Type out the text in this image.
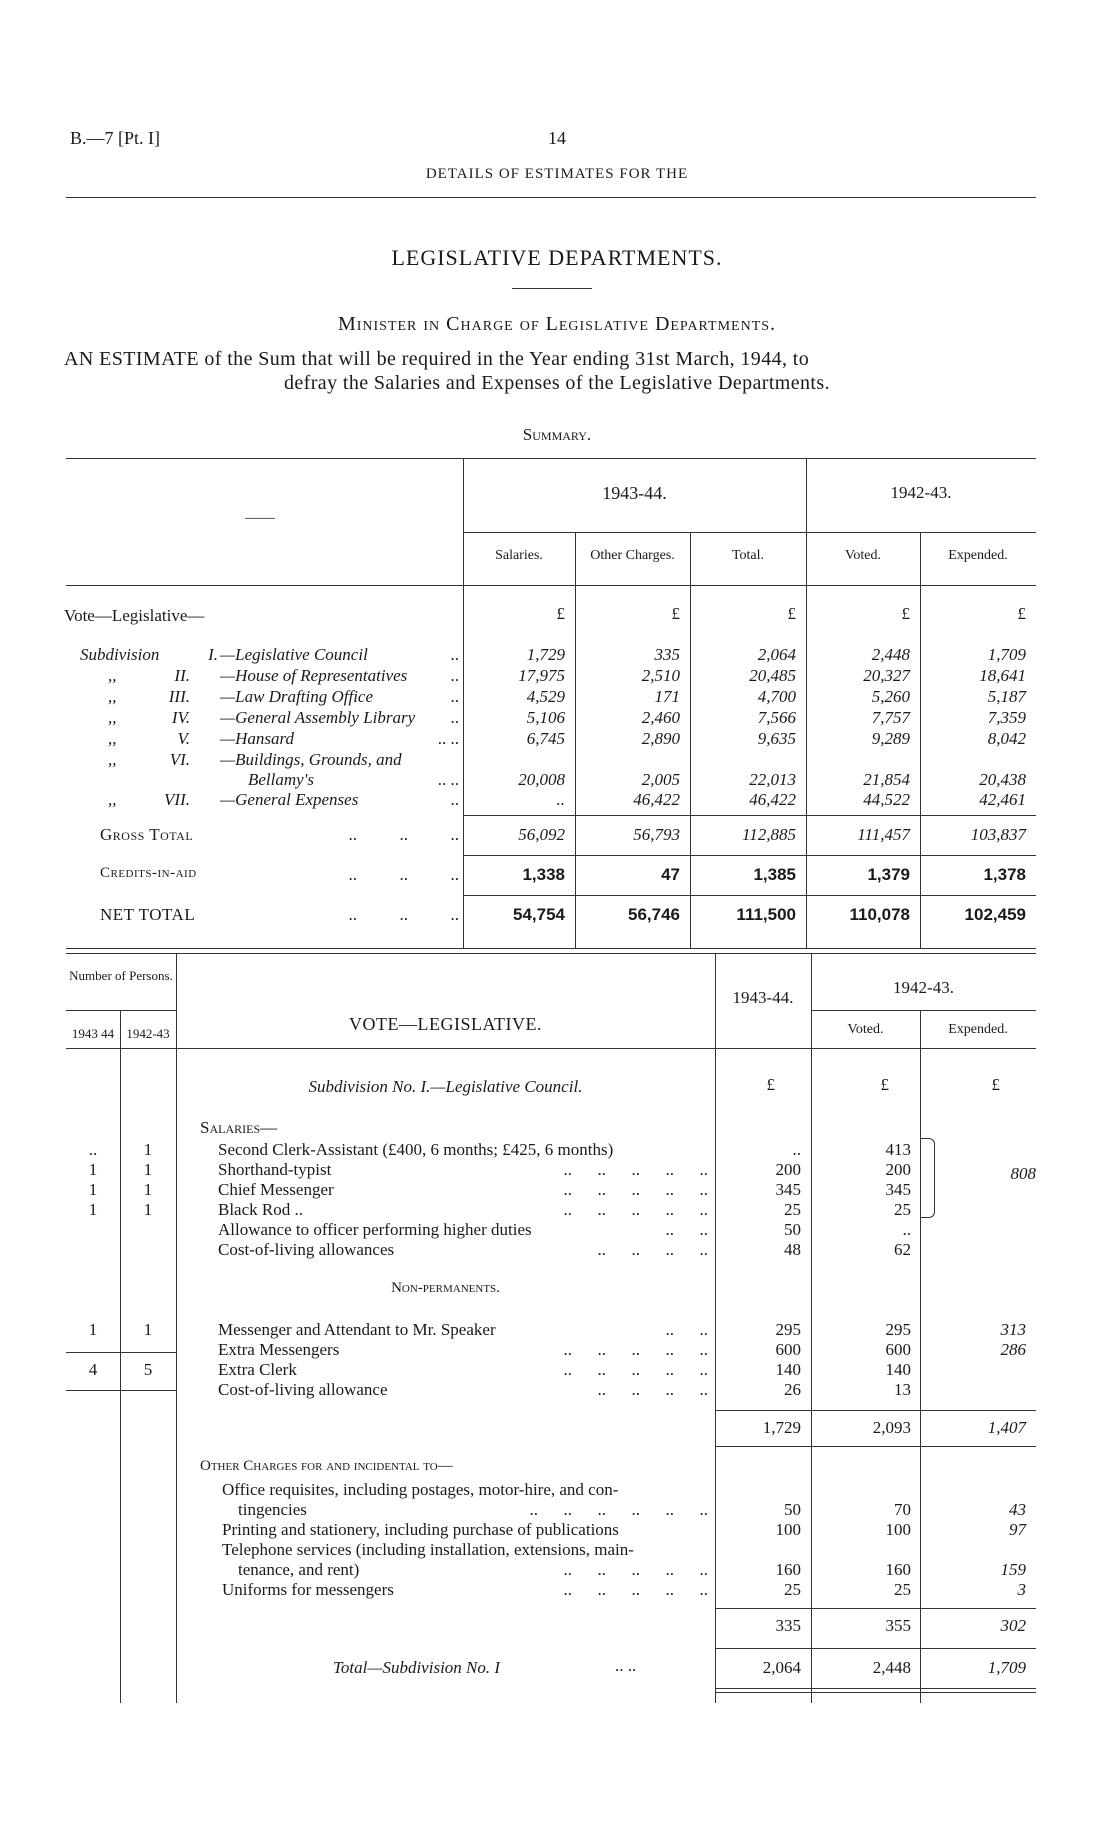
B.—7 [Pt. I]	14
DETAILS OF ESTIMATES FOR THE
LEGISLATIVE DEPARTMENTS.
Minister in Charge of Legislative Departments.
AN ESTIMATE of the Sum that will be required in the Year ending 31st March, 1944, to
defray the Salaries and Expenses of the Legislative Departments.
Summary.
——
1943-44.	1942-43.
Salaries.	Other Charges.	Total.	Voted.	Expended.
Vote—Legislative—	£	£	£	£	£
Subdivision	I. —Legislative Council	..	1,729	335	2,064	2,448	1,709
,,	II. —House of Representatives	..	17,975	2,510	20,485	20,327	18,641
,,	III. —Law Drafting Office	..	4,529	171	4,700	5,260	5,187
,,	IV. —General Assembly Library	..	5,106	2,460	7,566	7,757	7,359
,,	V. —Hansard	.. ..	6,745	2,890	9,635	9,289	8,042
,,	VI. —Buildings, Grounds, and
Bellamy's	.. ..	20,008	2,005	22,013	21,854	20,438
,,	VII. —General Expenses	..	..	46,422	46,422	44,522	42,461
Gross Total	..          ..          ..	56,092	56,793	112,885	111,457	103,837
Credits-in-aid	..          ..          ..	1,338	47	1,385	1,379	1,378
NET TOTAL	..          ..          ..	54,754	56,746	111,500	110,078	102,459
Number of Persons.
1943 44 1942-43	VOTE—LEGISLATIVE.
1943-44.
1942-43.
Voted.	Expended.
Subdivision No. I.—Legislative Council.	£	£	£
Salaries—
..	1	Second Clerk-Assistant (£400, 6 months; £425, 6 months)	..	413
1	1	Shorthand-typist	..      ..      ..      ..      ..	200	200
1	1	Chief Messenger	..      ..      ..      ..      ..	345	345
1	1	Black Rod ..	..      ..      ..      ..      ..	25	25
Allowance to officer performing higher duties	..      ..	50	..
Cost-of-living allowances	..      ..      ..      ..	48	62
808
Non-permanents.
1	1	Messenger and Attendant to Mr. Speaker	..      ..	295	295	313
Extra Messengers	..      ..      ..      ..      ..	600	600	286
4	5	Extra Clerk	..      ..      ..      ..      ..	140	140
Cost-of-living allowance	..      ..      ..      ..	26	13
1,729	2,093	1,407
Other Charges for and incidental to—
Office requisites, including postages, motor-hire, and con-
tingencies	..      ..      ..      ..      ..      ..	50	70	43
Printing and stationery, including purchase of publications	100	100	97
Telephone services (including installation, extensions, main-
tenance, and rent)	..      ..      ..      ..      ..	160	160	159
Uniforms for messengers	..      ..      ..      ..      ..	25	25	3
335	355	302
Total—Subdivision No. I	.. ..	2,064	2,448	1,709
